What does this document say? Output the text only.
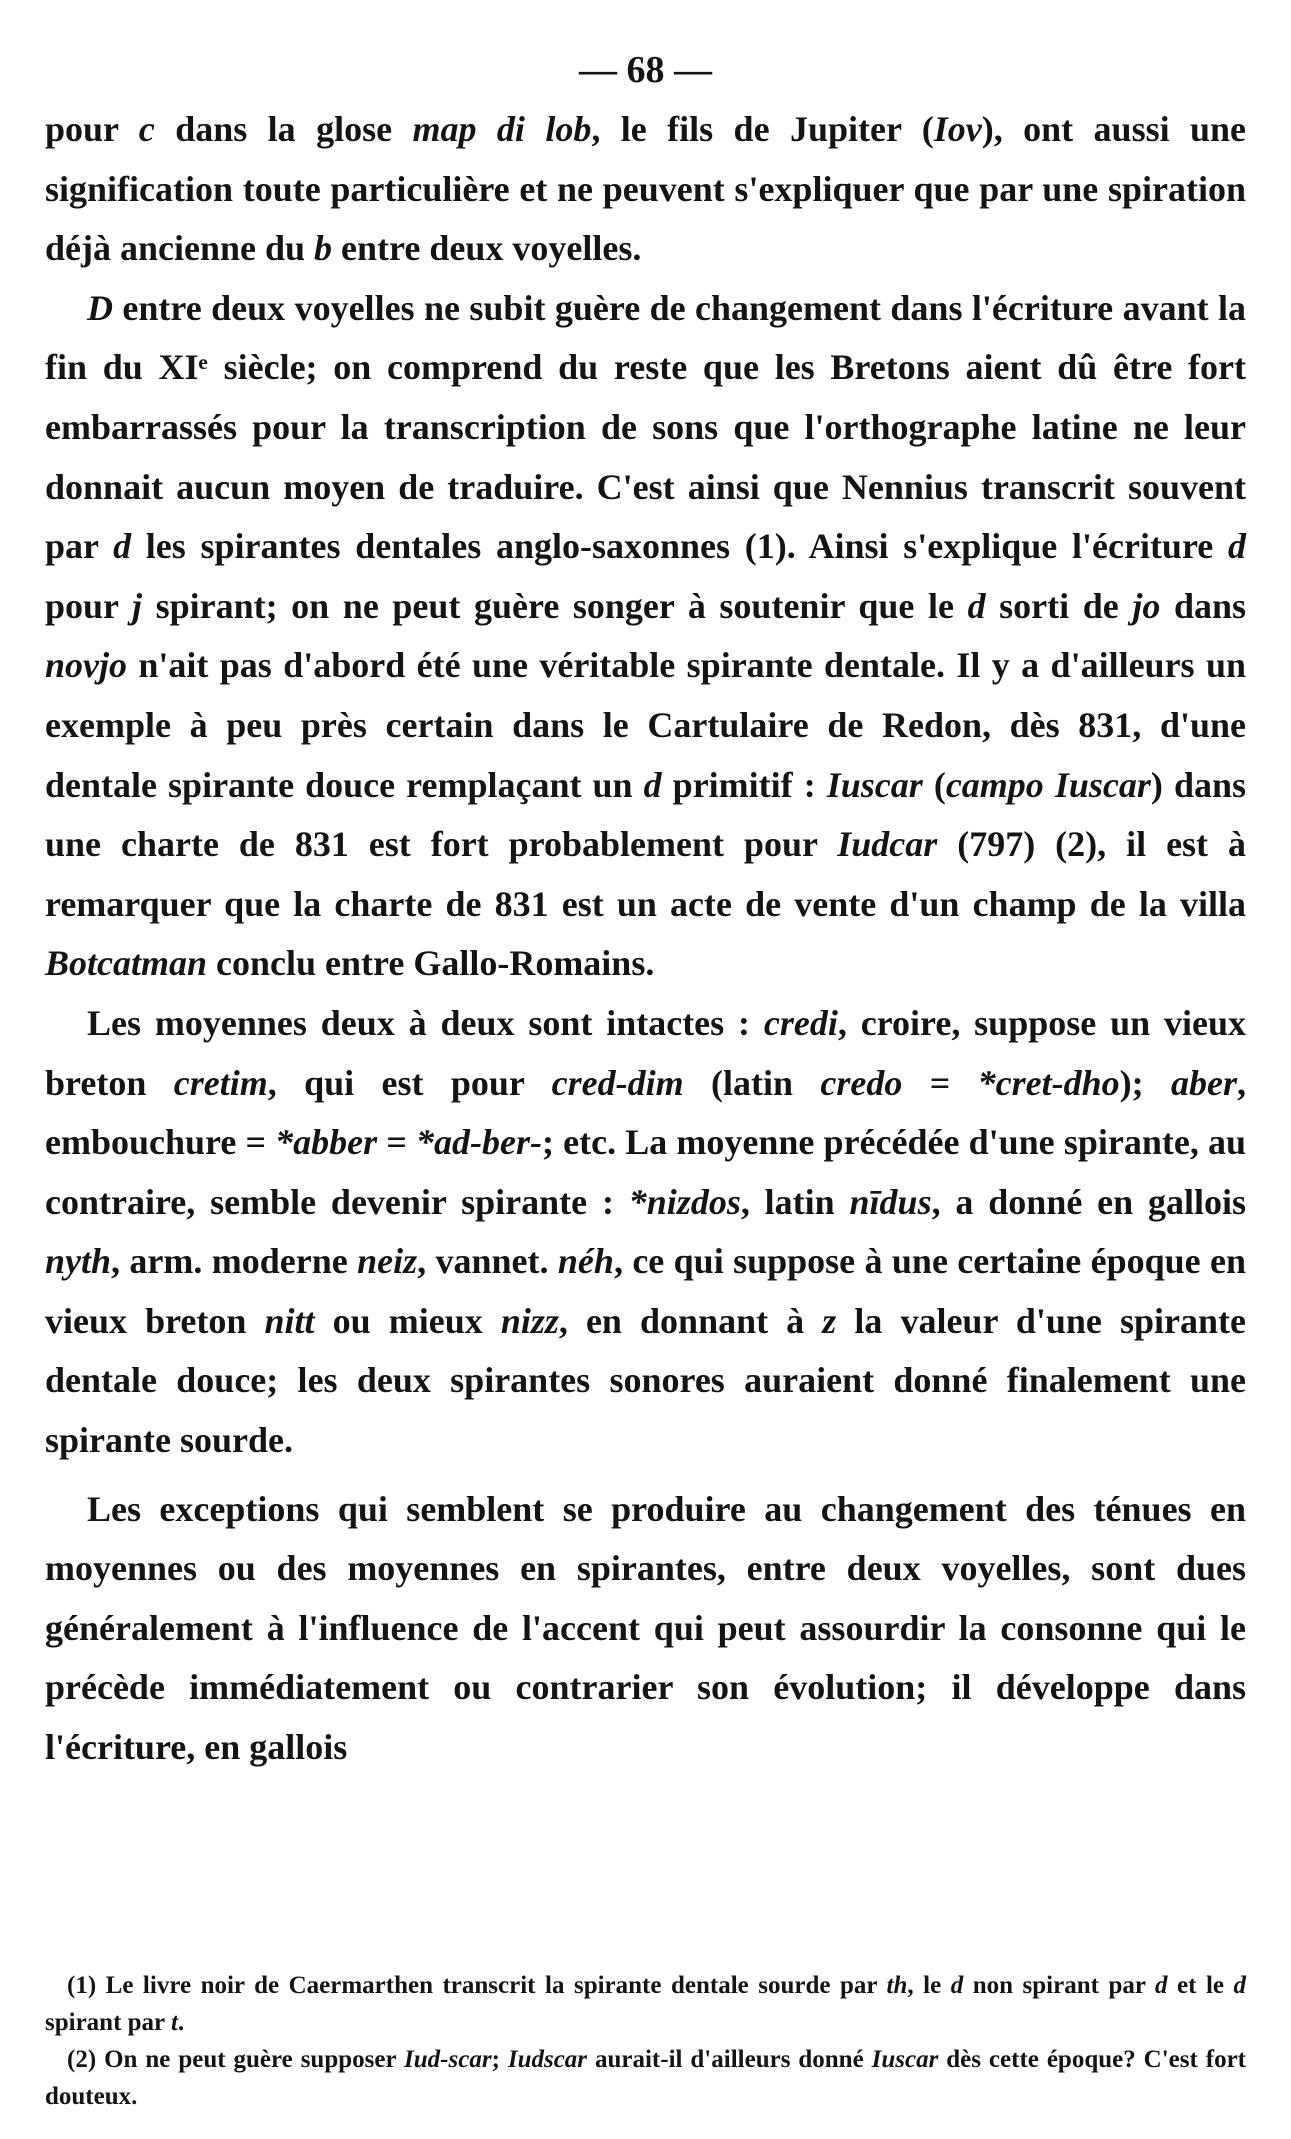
— 68 —

pour c dans la glose map di lob, le fils de Jupiter (Iov), ont aussi une signification toute particulière et ne peuvent s'expliquer que par une spiration déjà ancienne du b entre deux voyelles.

D entre deux voyelles ne subit guère de changement dans l'écriture avant la fin du XIᵉ siècle; on comprend du reste que les Bretons aient dû être fort embarrassés pour la transcription de sons que l'orthographe latine ne leur donnait aucun moyen de traduire. C'est ainsi que Nennius transcrit souvent par d les spirantes dentales anglo-saxonnes (1). Ainsi s'explique l'écriture d pour j spirant; on ne peut guère songer à soutenir que le d sorti de jo dans novjo n'ait pas d'abord été une véritable spirante dentale. Il y a d'ailleurs un exemple à peu près certain dans le Cartulaire de Redon, dès 831, d'une dentale spirante douce remplaçant un d primitif : Iuscar (campo Iuscar) dans une charte de 831 est fort probablement pour Iudcar (797) (2), il est à remarquer que la charte de 831 est un acte de vente d'un champ de la villa Botcatman conclu entre Gallo-Romains.

Les moyennes deux à deux sont intactes : credi, croire, suppose un vieux breton cretim, qui est pour cred-dim (latin credo = *cret-dho); aber, embouchure = *abber = *ad-ber-; etc. La moyenne précédée d'une spirante, au contraire, semble devenir spirante : *nizdos, latin nīdus, a donné en gallois nyth, arm. moderne neiz, vannet. néh, ce qui suppose à une certaine époque en vieux breton nitt ou mieux nizz, en donnant à z la valeur d'une spirante dentale douce; les deux spirantes sonores auraient donné finalement une spirante sourde.

Les exceptions qui semblent se produire au changement des ténues en moyennes ou des moyennes en spirantes, entre deux voyelles, sont dues généralement à l'influence de l'accent qui peut assourdir la consonne qui le précède immédiatement ou contrarier son évolution; il développe dans l'écriture, en gallois

(1) Le livre noir de Caermarthen transcrit la spirante dentale sourde par th, le d non spirant par d et le d spirant par t.

(2) On ne peut guère supposer Iud-scar; Iudscar aurait-il d'ailleurs donné Iuscar dès cette époque? C'est fort douteux.
